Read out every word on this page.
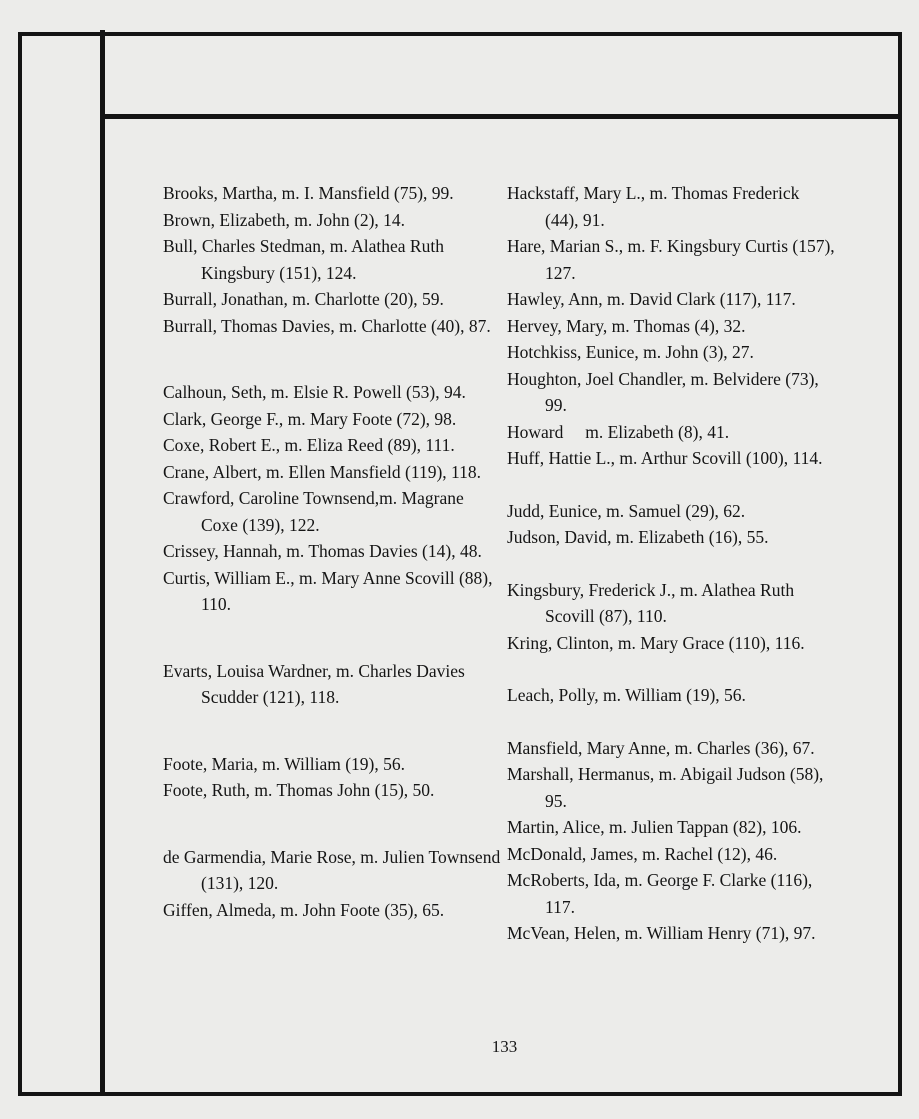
Brooks, Martha, m. I. Mansfield (75), 99.

Brown, Elizabeth, m. John (2), 14.

Bull, Charles Stedman, m. Alathea Ruth Kingsbury (151), 124.

Burrall, Jonathan, m. Charlotte (20), 59.

Burrall, Thomas Davies, m. Charlotte (40), 87.

Calhoun, Seth, m. Elsie R. Powell (53), 94.

Clark, George F., m. Mary Foote (72), 98.

Coxe, Robert E., m. Eliza Reed (89), 111.

Crane, Albert, m. Ellen Mansfield (119), 118.

Crawford, Caroline Townsend,m. Magrane Coxe (139), 122.

Crissey, Hannah, m. Thomas Davies (14), 48.

Curtis, William E., m. Mary Anne Scovill (88), 110.

Evarts, Louisa Wardner, m. Charles Davies Scudder (121), 118.

Foote, Maria, m. William (19), 56.

Foote, Ruth, m. Thomas John (15), 50.

de Garmendia, Marie Rose, m. Julien Townsend (131), 120.

Giffen, Almeda, m. John Foote (35), 65.

Hackstaff, Mary L., m. Thomas Frederick (44), 91.

Hare, Marian S., m. F. Kingsbury Curtis (157), 127.

Hawley, Ann, m. David Clark (117), 117.

Hervey, Mary, m. Thomas (4), 32.

Hotchkiss, Eunice, m. John (3), 27.

Houghton, Joel Chandler, m. Belvidere (73), 99.

Howard     m. Elizabeth (8), 41.

Huff, Hattie L., m. Arthur Scovill (100), 114.

Judd, Eunice, m. Samuel (29), 62.

Judson, David, m. Elizabeth (16), 55.

Kingsbury, Frederick J., m. Alathea Ruth Scovill (87), 110.

Kring, Clinton, m. Mary Grace (110), 116.

Leach, Polly, m. William (19), 56.

Mansfield, Mary Anne, m. Charles (36), 67.

Marshall, Hermanus, m. Abigail Judson (58), 95.

Martin, Alice, m. Julien Tappan (82), 106.

McDonald, James, m. Rachel (12), 46.

McRoberts, Ida, m. George F. Clarke (116), 117.

McVean, Helen, m. William Henry (71), 97.

133
